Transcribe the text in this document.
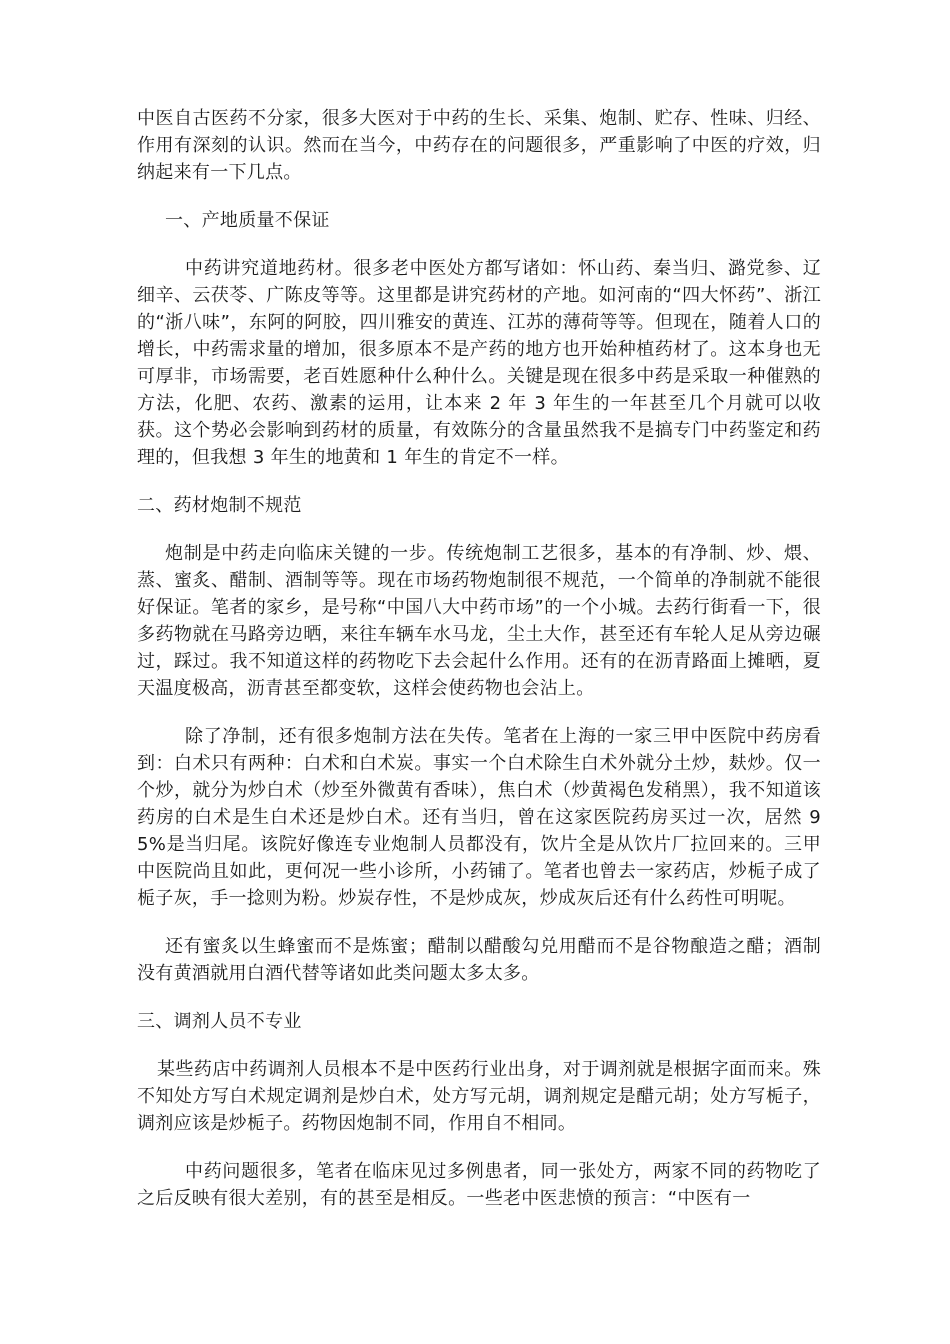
中医自古医药不分家，很多大医对于中药的生长、采集、炮制、贮存、性味、归经、作用有深刻的认识。然而在当今，中药存在的问题很多，严重影响了中医的疗效，归纳起来有一下几点。

一、产地质量不保证

中药讲究道地药材。很多老中医处方都写诸如：怀山药、秦当归、潞党参、辽细辛、云茯苓、广陈皮等等。这里都是讲究药材的产地。如河南的“四大怀药”、浙江的“浙八味”，东阿的阿胶，四川雅安的黄连、江苏的薄荷等等。但现在，随着人口的增长，中药需求量的增加，很多原本不是产药的地方也开始种植药材了。这本身也无可厚非，市场需要，老百姓愿种什么种什么。关键是现在很多中药是采取一种催熟的方法，化肥、农药、激素的运用，让本来 2 年 3 年生的一年甚至几个月就可以收获。这个势必会影响到药材的质量，有效陈分的含量虽然我不是搞专门中药鉴定和药理的，但我想 3 年生的地黄和 1 年生的肯定不一样。

二、药材炮制不规范

炮制是中药走向临床关键的一步。传统炮制工艺很多，基本的有净制、炒、煨、蒸、蜜炙、醋制、酒制等等。现在市场药物炮制很不规范，一个简单的净制就不能很好保证。笔者的家乡，是号称“中国八大中药市场”的一个小城。去药行街看一下，很多药物就在马路旁边晒，来往车辆车水马龙，尘土大作，甚至还有车轮人足从旁边碾过，踩过。我不知道这样的药物吃下去会起什么作用。还有的在沥青路面上摊晒，夏天温度极高，沥青甚至都变软，这样会使药物也会沾上。

除了净制，还有很多炮制方法在失传。笔者在上海的一家三甲中医院中药房看到：白术只有两种：白术和白术炭。事实一个白术除生白术外就分土炒，麸炒。仅一个炒，就分为炒白术（炒至外微黄有香味），焦白术（炒黄褐色发稍黑），我不知道该药房的白术是生白术还是炒白术。还有当归，曾在这家医院药房买过一次，居然 95%是当归尾。该院好像连专业炮制人员都没有，饮片全是从饮片厂拉回来的。三甲中医院尚且如此，更何况一些小诊所，小药铺了。笔者也曾去一家药店，炒栀子成了栀子灰，手一捻则为粉。炒炭存性，不是炒成灰，炒成灰后还有什么药性可明呢。

还有蜜炙以生蜂蜜而不是炼蜜；醋制以醋酸勾兑用醋而不是谷物酿造之醋；酒制没有黄酒就用白酒代替等诸如此类问题太多太多。

三、调剂人员不专业

某些药店中药调剂人员根本不是中医药行业出身，对于调剂就是根据字面而来。殊不知处方写白术规定调剂是炒白术，处方写元胡，调剂规定是醋元胡；处方写栀子，调剂应该是炒栀子。药物因炮制不同，作用自不相同。

中药问题很多，笔者在临床见过多例患者，同一张处方，两家不同的药物吃了之后反映有很大差别，有的甚至是相反。一些老中医悲愤的预言：“中医有一
